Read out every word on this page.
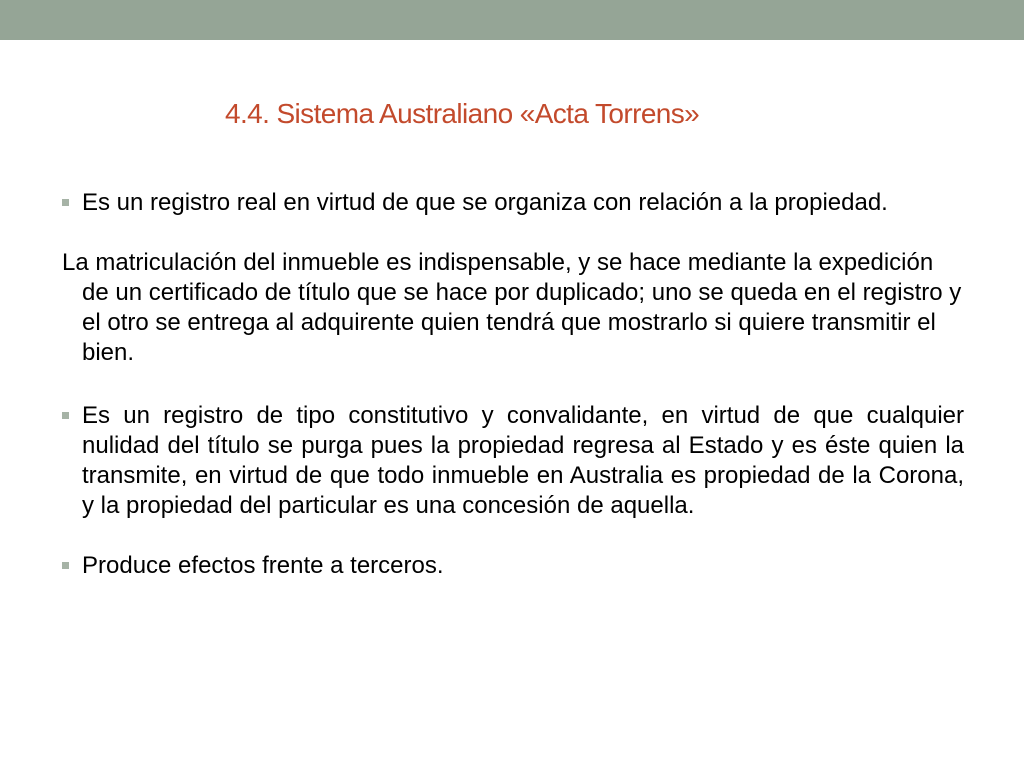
4.4. Sistema Australiano «Acta Torrens»

Es un registro real en virtud de que se organiza con relación a la propiedad.

La matriculación del inmueble es indispensable, y se hace mediante la expedición de un certificado de título que se hace por duplicado; uno se queda en el registro y el otro se entrega al adquirente quien tendrá que mostrarlo si quiere transmitir el bien.

Es un registro de tipo constitutivo y convalidante, en virtud de que cualquier nulidad del título se purga pues la propiedad regresa al Estado y es éste quien la transmite, en virtud de que todo inmueble en Australia es propiedad de la Corona, y la propiedad del particular es una concesión de aquella.

Produce efectos frente a terceros.
